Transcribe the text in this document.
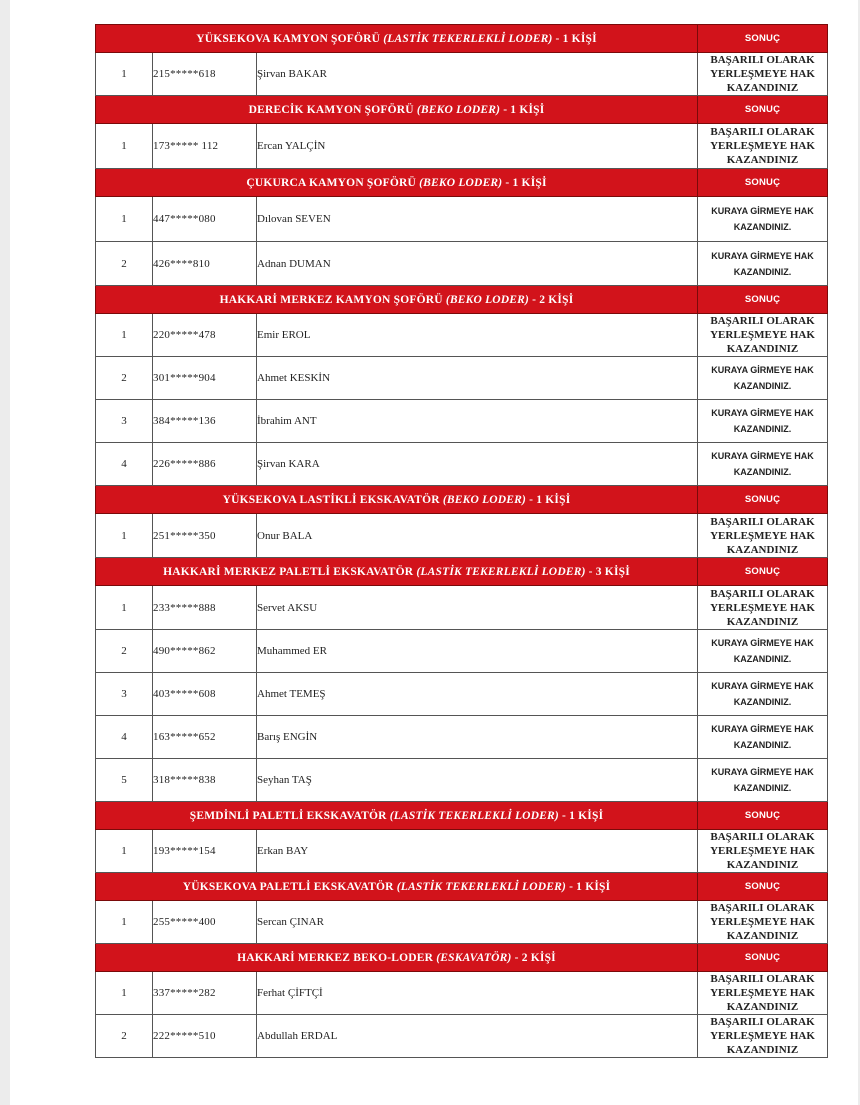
YÜKSEKOVA KAMYON ŞOFÖRÜ (LASTİK TEKERLEKLİ LODER) - 1 KİŞİ			SONUÇ
1	215*****618	Şirvan BAKAR	BAŞARILI OLARAK YERLEŞMEYE HAK KAZANDINIZ
DERECİK KAMYON ŞOFÖRÜ (BEKO LODER) - 1 KİŞİ			SONUÇ
1	173***** 112	Ercan YALÇİN	BAŞARILI OLARAK YERLEŞMEYE HAK KAZANDINIZ
ÇUKURCA KAMYON ŞOFÖRÜ (BEKO LODER) - 1 KİŞİ			SONUÇ
1	447*****080	Dılovan SEVEN	KURAYA GİRMEYE HAK KAZANDINIZ.
2	426****810	Adnan DUMAN	KURAYA GİRMEYE HAK KAZANDINIZ.
HAKKARİ MERKEZ KAMYON ŞOFÖRÜ (BEKO LODER) - 2 KİŞİ			SONUÇ
1	220*****478	Emir EROL	BAŞARILI OLARAK YERLEŞMEYE HAK KAZANDINIZ
2	301*****904	Ahmet KESKİN	KURAYA GİRMEYE HAK KAZANDINIZ.
3	384*****136	İbrahim ANT	KURAYA GİRMEYE HAK KAZANDINIZ.
4	226*****886	Şirvan KARA	KURAYA GİRMEYE HAK KAZANDINIZ.
YÜKSEKOVA LASTİKLİ EKSKAVATÖR (BEKO LODER) - 1 KİŞİ			SONUÇ
1	251*****350	Onur BALA	BAŞARILI OLARAK YERLEŞMEYE HAK KAZANDINIZ
HAKKARİ MERKEZ PALETLİ EKSKAVATÖR (LASTİK TEKERLEKLİ LODER) - 3 KİŞİ			SONUÇ
1	233*****888	Servet AKSU	BAŞARILI OLARAK YERLEŞMEYE HAK KAZANDINIZ
2	490*****862	Muhammed ER	KURAYA GİRMEYE HAK KAZANDINIZ.
3	403*****608	Ahmet TEMEŞ	KURAYA GİRMEYE HAK KAZANDINIZ.
4	163*****652	Barış ENGİN	KURAYA GİRMEYE HAK KAZANDINIZ.
5	318*****838	Seyhan TAŞ	KURAYA GİRMEYE HAK KAZANDINIZ.
ŞEMDİNLİ PALETLİ EKSKAVATÖR (LASTİK TEKERLEKLİ LODER) - 1 KİŞİ			SONUÇ
1	193*****154	Erkan BAY	BAŞARILI OLARAK YERLEŞMEYE HAK KAZANDINIZ
YÜKSEKOVA PALETLİ EKSKAVATÖR (LASTİK TEKERLEKLİ LODER) - 1 KİŞİ			SONUÇ
1	255*****400	Sercan ÇINAR	BAŞARILI OLARAK YERLEŞMEYE HAK KAZANDINIZ
HAKKARİ MERKEZ BEKO-LODER (ESKAVATÖR) - 2 KİŞİ			SONUÇ
1	337*****282	Ferhat ÇİFTÇİ	BAŞARILI OLARAK YERLEŞMEYE HAK KAZANDINIZ
2	222*****510	Abdullah ERDAL	BAŞARILI OLARAK YERLEŞMEYE HAK KAZANDINIZ
